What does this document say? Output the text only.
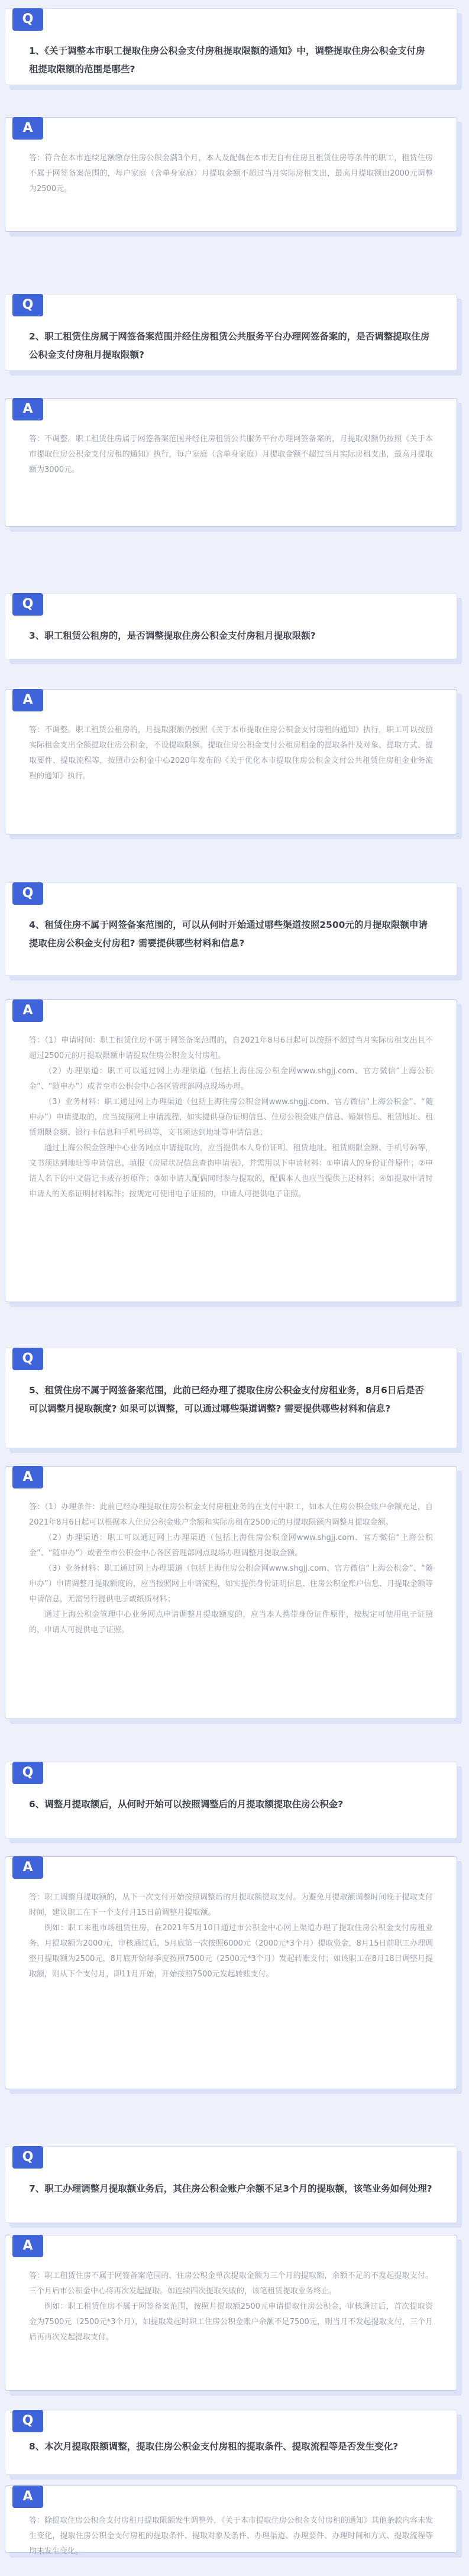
Q
1、《关于调整本市职工提取住房公积金支付房租提取限额的通知》中，调整提取住房公积金支付房租提取限额的范围是哪些?
A

答：符合在本市连续足额缴存住房公积金满3个月，本人及配偶在本市无自有住房且租赁住房等条件的职工，租赁住房不属于网签备案范围的，每户家庭（含单身家庭）月提取金额不超过当月实际房租支出，最高月提取额由2000元调整为2500元。

Q
2、职工租赁住房属于网签备案范围并经住房租赁公共服务平台办理网签备案的，是否调整提取住房公积金支付房租月提取限额?
A

答：不调整。职工租赁住房属于网签备案范围并经住房租赁公共服务平台办理网签备案的，月提取限额仍按照《关于本市提取住房公积金支付房租的通知》执行，每户家庭（含单身家庭）月提取金额不超过当月实际房租支出，最高月提取额为3000元。

Q
3、职工租赁公租房的，是否调整提取住房公积金支付房租月提取限额?
A

答：不调整。职工租赁公租房的，月提取限额仍按照《关于本市提取住房公积金支付房租的通知》执行，职工可以按照实际租金支出全额提取住房公积金，不设提取限额。提取住房公积金支付公租房租金的提取条件及对象、提取方式、提取要件、提取流程等，按照市公积金中心2020年发布的《关于优化本市提取住房公积金支付公共租赁住房租金业务流程的通知》执行。

Q
4、租赁住房不属于网签备案范围的，可以从何时开始通过哪些渠道按照2500元的月提取限额申请提取住房公积金支付房租? 需要提供哪些材料和信息?
A

答：（1）申请时间：职工租赁住房不属于网签备案范围的，自2021年8月6日起可以按照不超过当月实际房租支出且不超过2500元的月提取限额申请提取住房公积金支付房租。

（2）办理渠道：职工可以通过网上办理渠道（包括上海住房公积金网www.shgjj.com、官方微信“上海公积金”、“随申办”）或者至市公积金中心各区管理部网点现场办理。

（3）业务材料：职工通过网上办理渠道（包括上海住房公积金网www.shgjj.com、官方微信“上海公积金”、“随申办”）申请提取的，应当按照网上申请流程，如实提供身份证明信息、住房公积金账户信息、婚姻信息、租赁地址、租赁期限金额、银行卡信息和手机号码等，文书须达到地址等申请信息；

通过上海公积金管理中心业务网点申请提取的，应当提供本人身份证明、租赁地址、租赁期限金额、手机号码等，文书须达到地址等申请信息，填报《房屋状况信息查询申请表》，并需用以下申请材料：①申请人的身份证件原件；②申请人名下的中文借记卡或存折原件；③如申请人配偶同时参与提取的，配偶本人也应当提供上述材料；④如提取申请时申请人的关系证明材料原件；按规定可使用电子证照的，申请人可提供电子证照。

Q
5、租赁住房不属于网签备案范围，此前已经办理了提取住房公积金支付房租业务，8月6日后是否可以调整月提取额度? 如果可以调整，可以通过哪些渠道调整? 需要提供哪些材料和信息?
A

答：（1）办理条件：此前已经办理提取住房公积金支付房租业务的在支付中职工，如本人住房公积金账户余额充足，自2021年8月6日起可以根据本人住房公积金账户余额和实际房租在2500元的月提取限额内调整月提取金额。

（2）办理渠道：职工可以通过网上办理渠道（包括上海住房公积金网www.shgjj.com、官方微信“上海公积金”、“随申办”）或者至市公积金中心各区管理部网点现场办理调整月提取金额。

（3）业务材料：职工通过网上办理渠道（包括上海住房公积金网www.shgjj.com、官方微信“上海公积金”、“随申办”）申请调整月提取额度的，应当按照网上申请流程，如实提供身份证明信息、住房公积金账户信息、月提取金额等申请信息，无需另行提供电子或纸质材料；

通过上海公积金管理中心业务网点申请调整月提取额度的，应当本人携带身份证件原件，按规定可使用电子证照的，申请人可提供电子证照。

Q
6、调整月提取额后，从何时开始可以按照调整后的月提取额提取住房公积金?
A

答：职工调整月提取额的，从下一次支付开始按照调整后的月提取额提取支付。为避免月提取额调整时间晚于提取支付时间，建议职工在下一个支付月15日前调整月提取额。

例如：职工来租市场租赁住房，在2021年5月10日通过市公积金中心网上渠道办理了提取住房公积金支付房租业务，月提取额为2000元，审核通过后，5月底第一次按照6000元（2000元*3个月）提取资金，8月15日前职工办理调整月提取额为2500元，8月底开始每季度按照7500元（2500元*3个月）发起转账支付；如该职工在8月18日调整月提取额，则从下个支付月，即11月开始，开始按照7500元发起转账支付。

Q
7、职工办理调整月提取额业务后，其住房公积金账户余额不足3个月的提取额，该笔业务如何处理?
A

答：职工租赁住房不属于网签备案范围的，住房公积金单次提取金额为三个月的提取额，余额不足的不发起提取支付。三个月后市公积金中心将再次发起提取。如连续四次提取失败的，该笔租赁提取业务终止。

例如：职工租赁住房不属于网签备案范围，按照月提取额2500元申请提取住房公积金，审核通过后，首次提取资金为7500元（2500元*3个月），如提取发起时职工住房公积金账户余额不足7500元，则当月不发起提取支付，三个月后再再次发起提取支付。

Q
8、本次月提取限额调整，提取住房公积金支付房租的提取条件、提取流程等是否发生变化?
A

答：除提取住房公积金支付房租月提取限额发生调整外，《关于本市提取住房公积金支付房租的通知》其他条款内容未发生变化，提取住房公积金支付房租的提取条件、提取对象及条件、办理渠道、办理要件、办理时间和方式、提取流程等均未发生变化。
